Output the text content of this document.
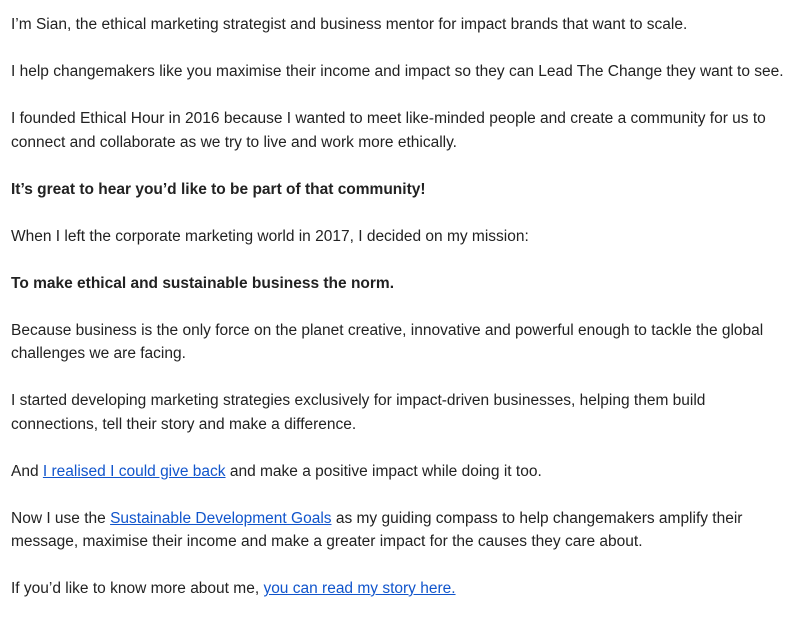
I’m Sian, the ethical marketing strategist and business mentor for impact brands that want to scale.

I help changemakers like you maximise their income and impact so they can Lead The Change they want to see.

I founded Ethical Hour in 2016 because I wanted to meet like-minded people and create a community for us to connect and collaborate as we try to live and work more ethically.

It’s great to hear you’d like to be part of that community!

When I left the corporate marketing world in 2017, I decided on my mission:

To make ethical and sustainable business the norm.

Because business is the only force on the planet creative, innovative and powerful enough to tackle the global challenges we are facing.

I started developing marketing strategies exclusively for impact-driven businesses, helping them build connections, tell their story and make a difference.

And I realised I could give back and make a positive impact while doing it too.

Now I use the Sustainable Development Goals as my guiding compass to help changemakers amplify their message, maximise their income and make a greater impact for the causes they care about.

If you’d like to know more about me, you can read my story here.
